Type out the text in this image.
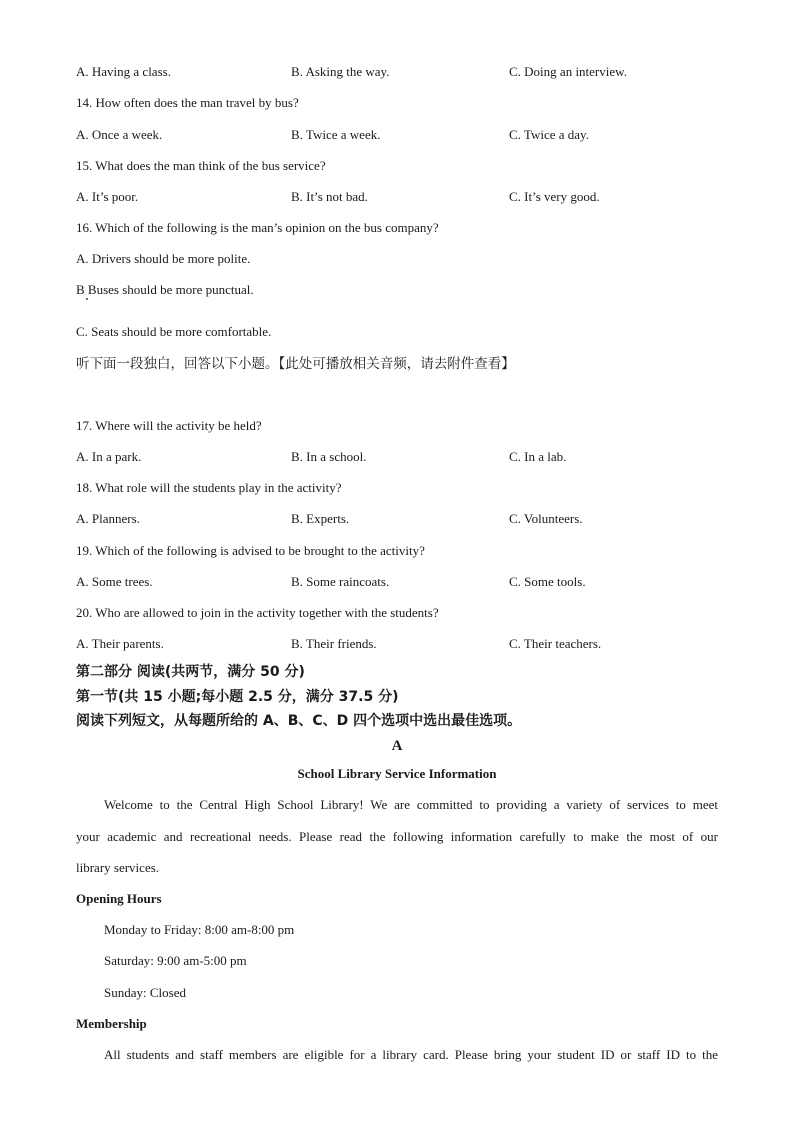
A. Having a class.	B. Asking the way.	C. Doing an interview.
14. How often does the man travel by bus?
A. Once a week.	B. Twice a week.	C. Twice a day.
15. What does the man think of the bus service?
A. It’s poor.	B. It’s not bad.	C. It’s very good.
16. Which of the following is the man’s opinion on the bus company?
A. Drivers should be more polite.
B Buses should be more punctual.
C. Seats should be more comfortable.
听下面一段独白，回答以下小题。【此处可播放相关音频，请去附件查看】
17. Where will the activity be held?
A. In a park.	B. In a school.	C. In a lab.
18. What role will the students play in the activity?
A. Planners.	B. Experts.	C. Volunteers.
19. Which of the following is advised to be brought to the activity?
A. Some trees.	B. Some raincoats.	C. Some tools.
20. Who are allowed to join in the activity together with the students?
A. Their parents.	B. Their friends.	C. Their teachers.
第二部分 阅读(共两节，满分 50 分)
第一节(共 15 小题;每小题 2.5 分，满分 37.5 分)
阅读下列短文，从每题所给的 A、B、C、D 四个选项中选出最佳选项。
A
School Library Service Information
Welcome to the Central High School Library! We are committed to providing a variety of services to meet
your academic and recreational needs. Please read the following information carefully to make the most of our
library services.
Opening Hours
Monday to Friday: 8:00 am-8:00 pm
Saturday: 9:00 am-5:00 pm
Sunday: Closed
Membership
All students and staff members are eligible for a library card. Please bring your student ID or staff ID to the
